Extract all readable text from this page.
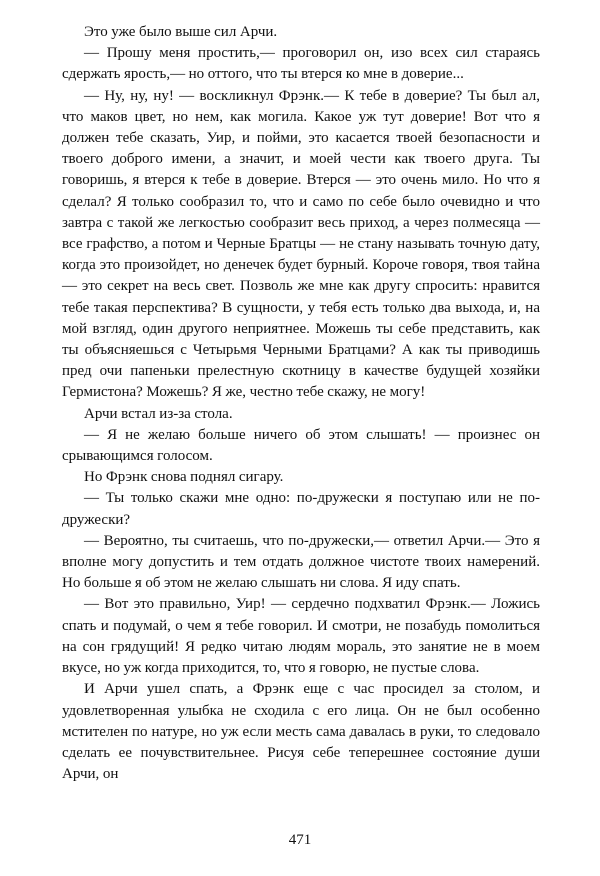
Это уже было выше сил Арчи.

— Прошу меня простить,— проговорил он, изо всех сил стараясь сдержать ярость,— но оттого, что ты втерся ко мне в доверие...

— Ну, ну, ну! — воскликнул Фрэнк.— К тебе в доверие? Ты был ал, что маков цвет, но нем, как могила. Какое уж тут доверие! Вот что я должен тебе сказать, Уир, и пойми, это касается твоей безопасности и твоего доброго имени, а значит, и моей чести как твоего друга. Ты говоришь, я втерся к тебе в доверие. Втерся — это очень мило. Но что я сделал? Я только сообразил то, что и само по себе было очевидно и что завтра с такой же легкостью сообразит весь приход, а через полмесяца — все графство, а потом и Черные Братцы — не стану называть точную дату, когда это произойдет, но денечек будет бурный. Короче говоря, твоя тайна — это секрет на весь свет. Позволь же мне как другу спросить: нравится тебе такая перспектива? В сущности, у тебя есть только два выхода, и, на мой взгляд, один другого неприятнее. Можешь ты себе представить, как ты объясняешься с Четырьмя Черными Братцами? А как ты приводишь пред очи папеньки прелестную скотницу в качестве будущей хозяйки Гермистона? Можешь? Я же, честно тебе скажу, не могу!

Арчи встал из-за стола.

— Я не желаю больше ничего об этом слышать! — произнес он срывающимся голосом.

Но Фрэнк снова поднял сигару.

— Ты только скажи мне одно: по-дружески я поступаю или не по-дружески?

— Вероятно, ты считаешь, что по-дружески,— ответил Арчи.— Это я вполне могу допустить и тем отдать должное чистоте твоих намерений. Но больше я об этом не желаю слышать ни слова. Я иду спать.

— Вот это правильно, Уир! — сердечно подхватил Фрэнк.— Ложись спать и подумай, о чем я тебе говорил. И смотри, не позабудь помолиться на сон грядущий! Я редко читаю людям мораль, это занятие не в моем вкусе, но уж когда приходится, то, что я говорю, не пустые слова.

И Арчи ушел спать, а Фрэнк еще с час просидел за столом, и удовлетворенная улыбка не сходила с его лица. Он не был особенно мстителен по натуре, но уж если месть сама давалась в руки, то следовало сделать ее почувствительнее. Рисуя себе теперешнее состояние души Арчи, он

471
